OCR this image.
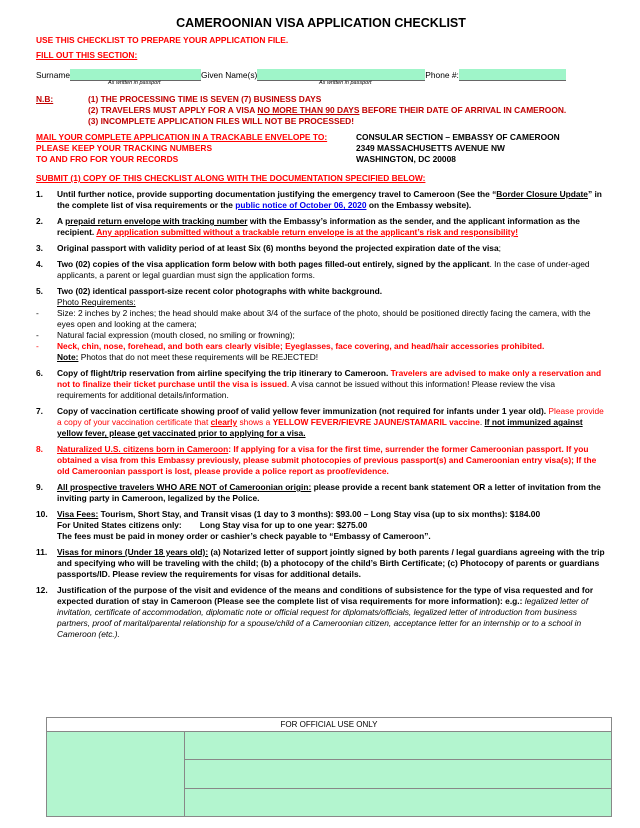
CAMEROONIAN VISA APPLICATION CHECKLIST
USE THIS CHECKLIST TO PREPARE YOUR APPLICATION FILE.
FILL OUT THIS SECTION:
Surname	Given Name(s)	Phone #:
As written in passport	As written in passport
N.B:	(1) THE PROCESSING TIME IS SEVEN (7) BUSINESS DAYS
(2) TRAVELERS MUST APPLY FOR A VISA NO MORE THAN 90 DAYS BEFORE THEIR DATE OF ARRIVAL IN CAMEROON.
(3) INCOMPLETE APPLICATION FILES WILL NOT BE PROCESSED!
MAIL YOUR COMPLETE APPLICATION IN A TRACKABLE ENVELOPE TO:
PLEASE KEEP YOUR TRACKING NUMBERS
TO AND FRO FOR YOUR RECORDS
CONSULAR SECTION – EMBASSY OF CAMEROON
2349 MASSACHUSETTS AVENUE NW
WASHINGTON, DC 20008
SUBMIT (1) COPY OF THIS CHECKLIST ALONG WITH THE DOCUMENTATION SPECIFIED BELOW:
1. Until further notice, provide supporting documentation justifying the emergency travel to Cameroon (See the “Border Closure Update” in the complete list of visa requirements or the public notice of October 06, 2020 on the Embassy website).
2. A prepaid return envelope with tracking number with the Embassy’s information as the sender, and the applicant information as the recipient. Any application submitted without a trackable return envelope is at the applicant’s risk and responsibility!
3. Original passport with validity period of at least Six (6) months beyond the projected expiration date of the visa;
4. Two (02) copies of the visa application form below with both pages filled-out entirely, signed by the applicant. In the case of under-aged applicants, a parent or legal guardian must sign the application forms.
5. Two (02) identical passport-size recent color photographs with white background.
Photo Requirements:
- Size: 2 inches by 2 inches; the head should make about 3/4 of the surface of the photo, should be positioned directly facing the camera, with the eyes open and looking at the camera;
- Natural facial expression (mouth closed, no smiling or frowning);
- Neck, chin, nose, forehead, and both ears clearly visible; Eyeglasses, face covering, and head/hair accessories prohibited.
Note: Photos that do not meet these requirements will be REJECTED!
6. Copy of flight/trip reservation from airline specifying the trip itinerary to Cameroon. Travelers are advised to make only a reservation and not to finalize their ticket purchase until the visa is issued. A visa cannot be issued without this information! Please review the visa requirements for additional details/information.
7. Copy of vaccination certificate showing proof of valid yellow fever immunization (not required for infants under 1 year old). Please provide a copy of your vaccination certificate that clearly shows a YELLOW FEVER/FIEVRE JAUNE/STAMARIL vaccine. If not immunized against yellow fever, please get vaccinated prior to applying for a visa.
8. Naturalized U.S. citizens born in Cameroon: If applying for a visa for the first time, surrender the former Cameroonian passport. If you obtained a visa from this Embassy previously, please submit photocopies of previous passport(s) and Cameroonian entry visa(s); If the old Cameroonian passport is lost, please provide a police report as proof/evidence.
9. All prospective travelers WHO ARE NOT of Cameroonian origin: please provide a recent bank statement OR a letter of invitation from the inviting party in Cameroon, legalized by the Police.
10. Visa Fees: Tourism, Short Stay, and Transit visas (1 day to 3 months): $93.00 – Long Stay visa (up to six months): $184.00
For United States citizens only: Long Stay visa for up to one year: $275.00
The fees must be paid in money order or cashier’s check payable to “Embassy of Cameroon”.
11. Visas for minors (Under 18 years old): (a) Notarized letter of support jointly signed by both parents / legal guardians agreeing with the trip and specifying who will be traveling with the child; (b) a photocopy of the child’s Birth Certificate; (c) Photocopy of parents or guardians passports/ID. Please review the requirements for visas for additional details.
12. Justification of the purpose of the visit and evidence of the means and conditions of subsistence for the type of visa requested and for expected duration of stay in Cameroon (Please see the complete list of visa requirements for more information): e.g.: legalized letter of invitation, certificate of accommodation, diplomatic note or official request for diplomats/officials, legalized letter of introduction from business partners, proof of marital/parental relationship for a spouse/child of a Cameroonian citizen, acceptance letter for an internship or to a school in Cameroon (etc.).
FOR OFFICIAL USE ONLY
